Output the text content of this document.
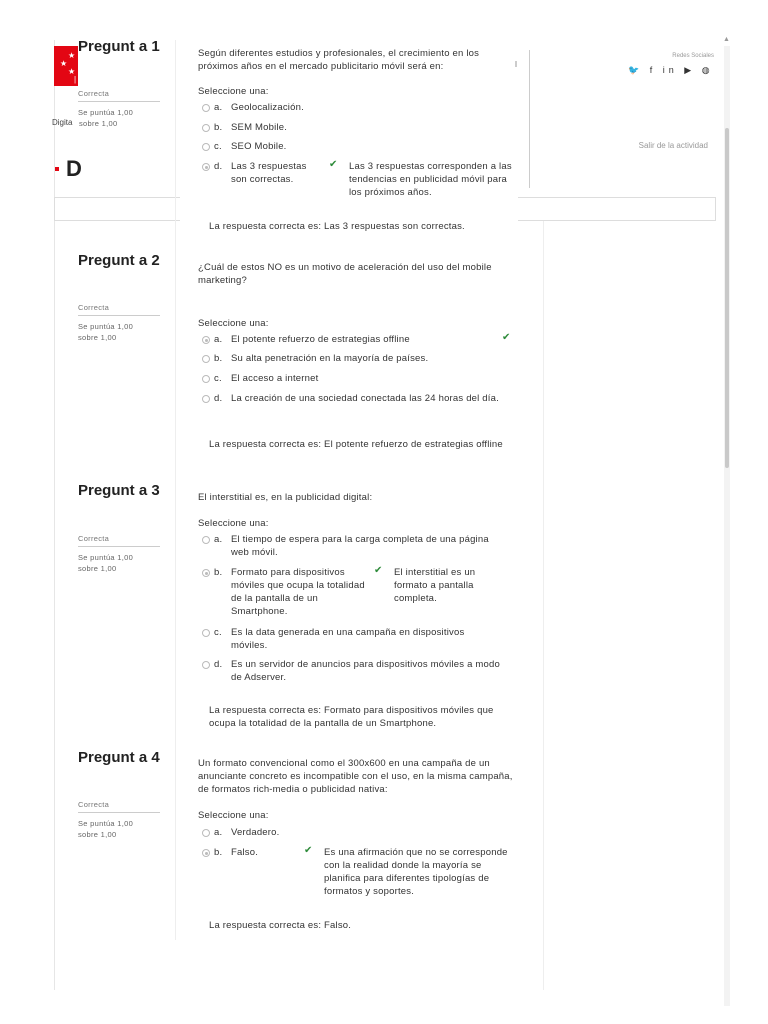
★
★
★
|
Digita
D
Redes Sociales
🐦 f in ▶ ◍
Salir de la actividad
▲
Pregunt a 1
Correcta
Se puntúa 1,00
sobre 1,00
Según diferentes estudios y profesionales, el crecimiento en los próximos años en el mercado publicitario móvil será en:
Seleccione una:
a. Geolocalización.
b. SEM Mobile.
c. SEO Mobile.
d. Las 3 respuestas son correctas.
✔ Las 3 respuestas corresponden a las tendencias en publicidad móvil para los próximos años.
La respuesta correcta es: Las 3 respuestas son correctas.
Pregunt a 2
Correcta
Se puntúa 1,00
sobre 1,00
¿Cuál de estos NO es un motivo de aceleración del uso del mobile marketing?
Seleccione una:
a. El potente refuerzo de estrategias offline	✔
b. Su alta penetración en la mayoría de países.
c. El acceso a internet
d. La creación de una sociedad conectada las 24 horas del día.
La respuesta correcta es: El potente refuerzo de estrategias offline
Pregunt a 3
Correcta
Se puntúa 1,00
sobre 1,00
El interstitial es, en la publicidad digital:
Seleccione una:
a. El tiempo de espera para la carga completa de una página web móvil.
b. Formato para dispositivos móviles que ocupa la totalidad de la pantalla de un Smartphone.
✔ El interstitial es un formato a pantalla completa.
c. Es la data generada en una campaña en dispositivos móviles.
d. Es un servidor de anuncios para dispositivos móviles a modo de Adserver.
La respuesta correcta es: Formato para dispositivos móviles que ocupa la totalidad de la pantalla de un Smartphone.
Pregunt a 4
Correcta
Se puntúa 1,00
sobre 1,00
Un formato convencional como el 300x600 en una campaña de un anunciante concreto es incompatible con el uso, en la misma campaña, de formatos rich-media o publicidad nativa:
Seleccione una:
a. Verdadero.
b. Falso.	✔ Es una afirmación que no se corresponde con la realidad donde la mayoría se planifica para diferentes tipologías de formatos y soportes.
La respuesta correcta es: Falso.
